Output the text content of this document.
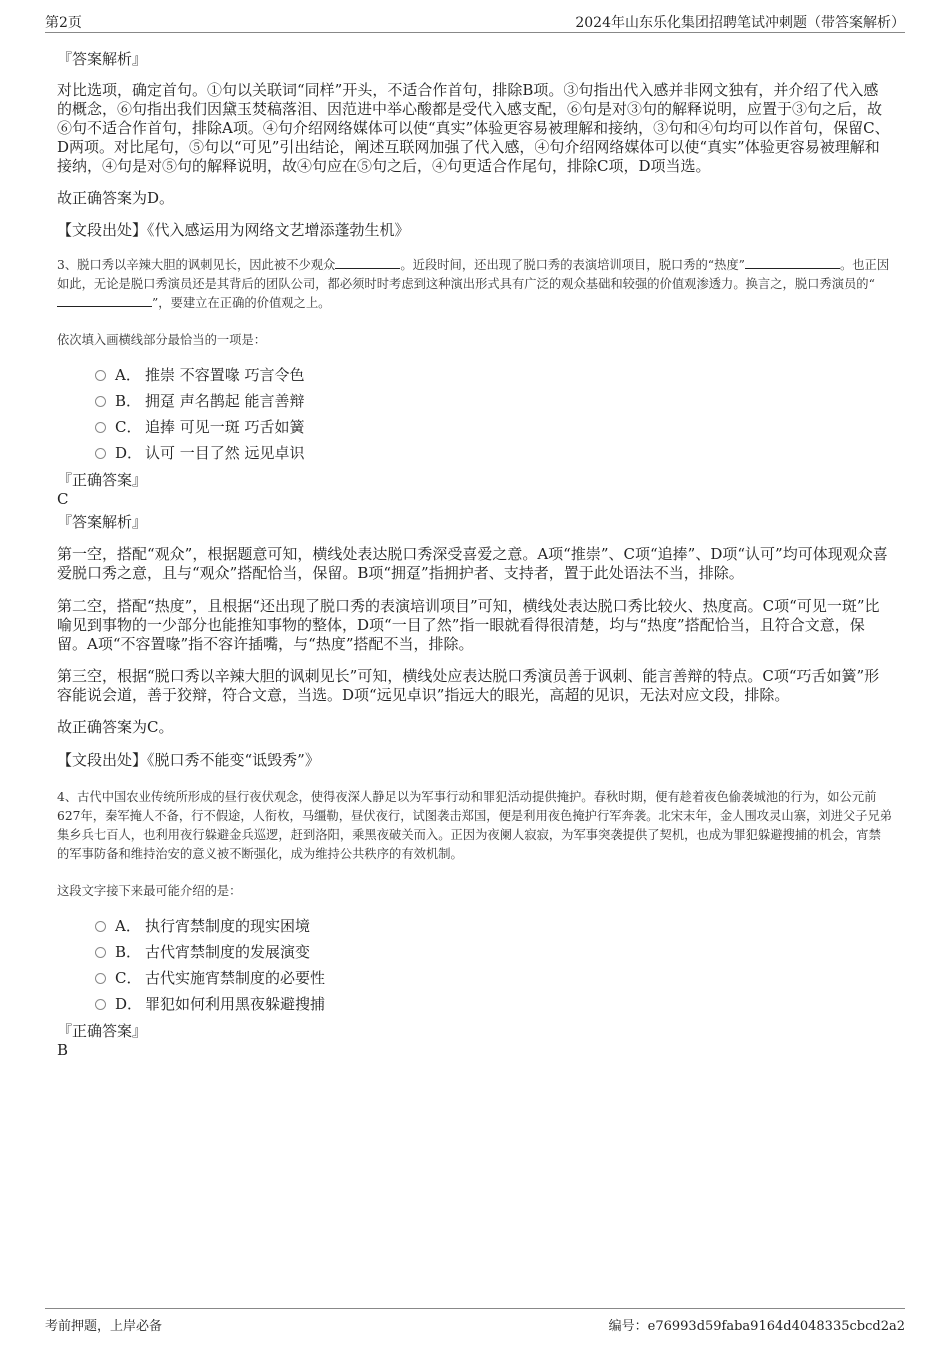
第2页	2024年山东乐化集团招聘笔试冲刺题（带答案解析）
『答案解析』
对比选项，确定首句。①句以关联词“同样”开头，不适合作首句，排除B项。③句指出代入感并非网文独有，并介绍了代入感的概念，⑥句指出我们因黛玉焚稿落泪、因范进中举心酸都是受代入感支配，⑥句是对③句的解释说明，应置于③句之后，故⑥句不适合作首句，排除A项。④句介绍网络媒体可以使“真实”体验更容易被理解和接纳，③句和④句均可以作首句，保留C、D两项。对比尾句，⑤句以“可见”引出结论，阐述互联网加强了代入感，④句介绍网络媒体可以使“真实”体验更容易被理解和接纳，④句是对⑤句的解释说明，故④句应在⑤句之后，④句更适合作尾句，排除C项，D项当选。
故正确答案为D。
【文段出处】《代入感运用为网络文艺增添蓬勃生机》
3、脱口秀以辛辣大胆的讽刺见长，因此被不少观众	。近段时间，还出现了脱口秀的表演培训项目，脱口秀的“热度”	。也正因如此，无论是脱口秀演员还是其背后的团队公司，都必须时时考虑到这种演出形式具有广泛的观众基础和较强的价值观渗透力。换言之，脱口秀演员的“”，要建立在正确的价值观之上。
依次填入画横线部分最恰当的一项是：
A． 推崇 不容置喙 巧言令色
B． 拥趸 声名鹊起 能言善辩
C． 追捧 可见一斑 巧舌如簧
D． 认可 一目了然 远见卓识
『正确答案』
C
『答案解析』
第一空，搭配“观众”，根据题意可知，横线处表达脱口秀深受喜爱之意。A项“推崇”、C项“追捧”、D项“认可”均可体现观众喜爱脱口秀之意，且与“观众”搭配恰当，保留。B项“拥趸”指拥护者、支持者，置于此处语法不当，排除。
第二空，搭配“热度”，且根据“还出现了脱口秀的表演培训项目”可知，横线处表达脱口秀比较火、热度高。C项“可见一斑”比喻见到事物的一少部分也能推知事物的整体，D项“一目了然”指一眼就看得很清楚，均与“热度”搭配恰当，且符合文意，保留。A项“不容置喙”指不容许插嘴，与“热度”搭配不当，排除。
第三空，根据“脱口秀以辛辣大胆的讽刺见长”可知，横线处应表达脱口秀演员善于讽刺、能言善辩的特点。C项“巧舌如簧”形容能说会道，善于狡辩，符合文意，当选。D项“远见卓识”指远大的眼光，高超的见识，无法对应文段，排除。
故正确答案为C。
【文段出处】《脱口秀不能变“诋毁秀”》
4、古代中国农业传统所形成的昼行夜伏观念，使得夜深人静足以为军事行动和罪犯活动提供掩护。春秋时期，便有趁着夜色偷袭城池的行为，如公元前627年，秦军掩人不备，行不假途，人衔枚，马缰勒，昼伏夜行，试图袭击郑国，便是利用夜色掩护行军奔袭。北宋末年，金人围攻灵山寨，刘进父子兄弟集乡兵七百人，也利用夜行躲避金兵巡逻，赶到洛阳，乘黑夜破关而入。正因为夜阑人寂寂，为军事突袭提供了契机，也成为罪犯躲避搜捕的机会，宵禁的军事防备和维持治安的意义被不断强化，成为维持公共秩序的有效机制。
这段文字接下来最可能介绍的是：
A． 执行宵禁制度的现实困境
B． 古代宵禁制度的发展演变
C． 古代实施宵禁制度的必要性
D． 罪犯如何利用黑夜躲避搜捕
『正确答案』
B
考前押题，上岸必备	编号：e76993d59faba9164d4048335cbcd2a2
